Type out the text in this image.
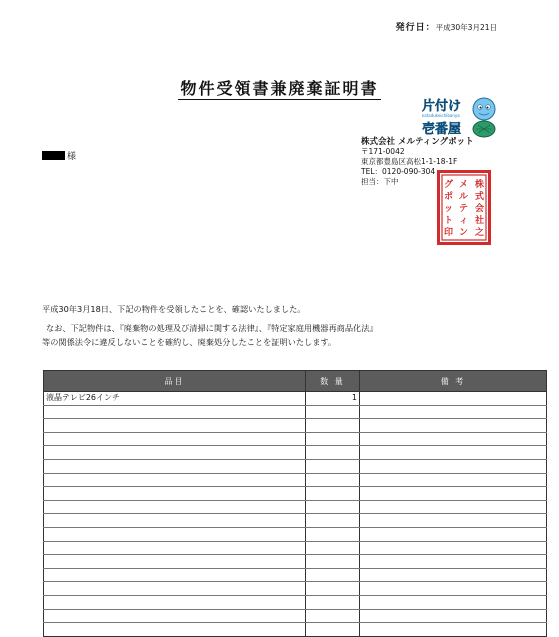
発行日：平成30年3月21日
物件受領書兼廃棄証明書
片付け
katadukeichibanya
壱番屋
様
株式会社 メルティングポット
〒171-0042
東京都豊島区高松1-1-18-1F
TEL：0120-090-304
担当：下中	株
式
会
社
之
メ
ル
テ
ィ
ン
グ
ポ
ッ
ト
印
平成30年3月18日、下記の物件を受領したことを、確認いたしました。
なお、下記物件は、『廃棄物の処理及び清掃に関する法律』、『特定家庭用機器再商品化法』
等の関係法令に違反しないことを確約し、廃棄処分したことを証明いたします。
品目	数 量	備 考
液晶テレビ26インチ	1	
